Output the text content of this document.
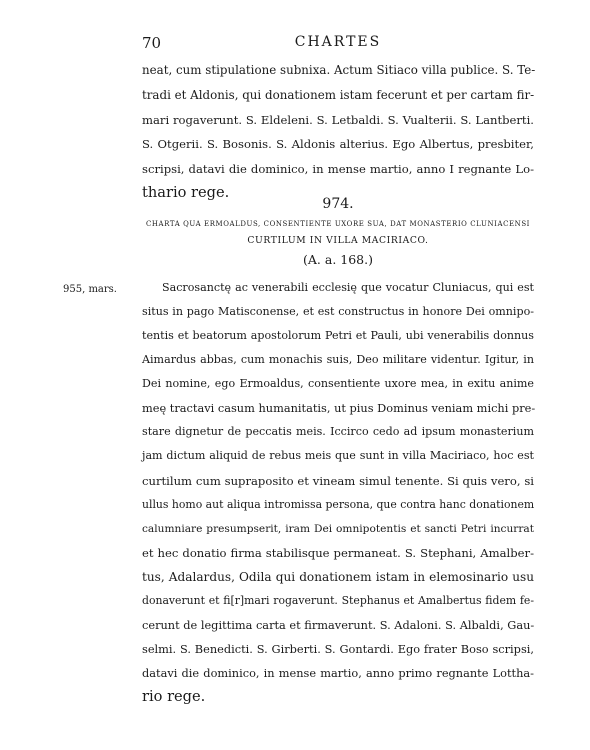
70	CHARTES
neat, cum stipulatione subnixa. Actum Sitiaco villa publice. S. Te-
tradi et Aldonis, qui donationem istam fecerunt et per cartam fir-
mari rogaverunt. S. Eldeleni. S. Letbaldi. S. Vualterii. S. Lantberti.
S. Otgerii. S. Bosonis. S. Aldonis alterius. Ego Albertus, presbiter,
scripsi, datavi die dominico, in mense martio, anno I regnante Lo-
thario rege.
974.
CHARTA QUA ERMOALDUS, CONSENTIENTE UXORE SUA, DAT MONASTERIO CLUNIACENSI
CURTILUM IN VILLA MACIRIACO.
(A. a. 168.)
955, mars.	Sacrosanctę ac venerabili ecclesię que vocatur Cluniacus, qui est
situs in pago Matisconense, et est constructus in honore Dei omnipo-
tentis et beatorum apostolorum Petri et Pauli, ubi venerabilis donnus
Aimardus abbas, cum monachis suis, Deo militare videntur. Igitur, in
Dei nomine, ego Ermoaldus, consentiente uxore mea, in exitu anime
meę tractavi casum humanitatis, ut pius Dominus veniam michi pre-
stare dignetur de peccatis meis. Iccirco cedo ad ipsum monasterium
jam dictum aliquid de rebus meis que sunt in villa Maciriaco, hoc est
curtilum cum supraposito et vineam simul tenente. Si quis vero, si
ullus homo aut aliqua intromissa persona, que contra hanc donationem
calumniare presumpserit, iram Dei omnipotentis et sancti Petri incurrat
et hec donatio firma stabilisque permaneat. S. Stephani, Amalber-
tus, Adalardus, Odila qui donationem istam in elemosinario usu
donaverunt et fi[r]mari rogaverunt. Stephanus et Amalbertus fidem fe-
cerunt de legittima carta et firmaverunt. S. Adaloni. S. Albaldi, Gau-
selmi. S. Benedicti. S. Girberti. S. Gontardi. Ego frater Boso scripsi,
datavi die dominico, in mense martio, anno primo regnante Lottha-
rio rege.
